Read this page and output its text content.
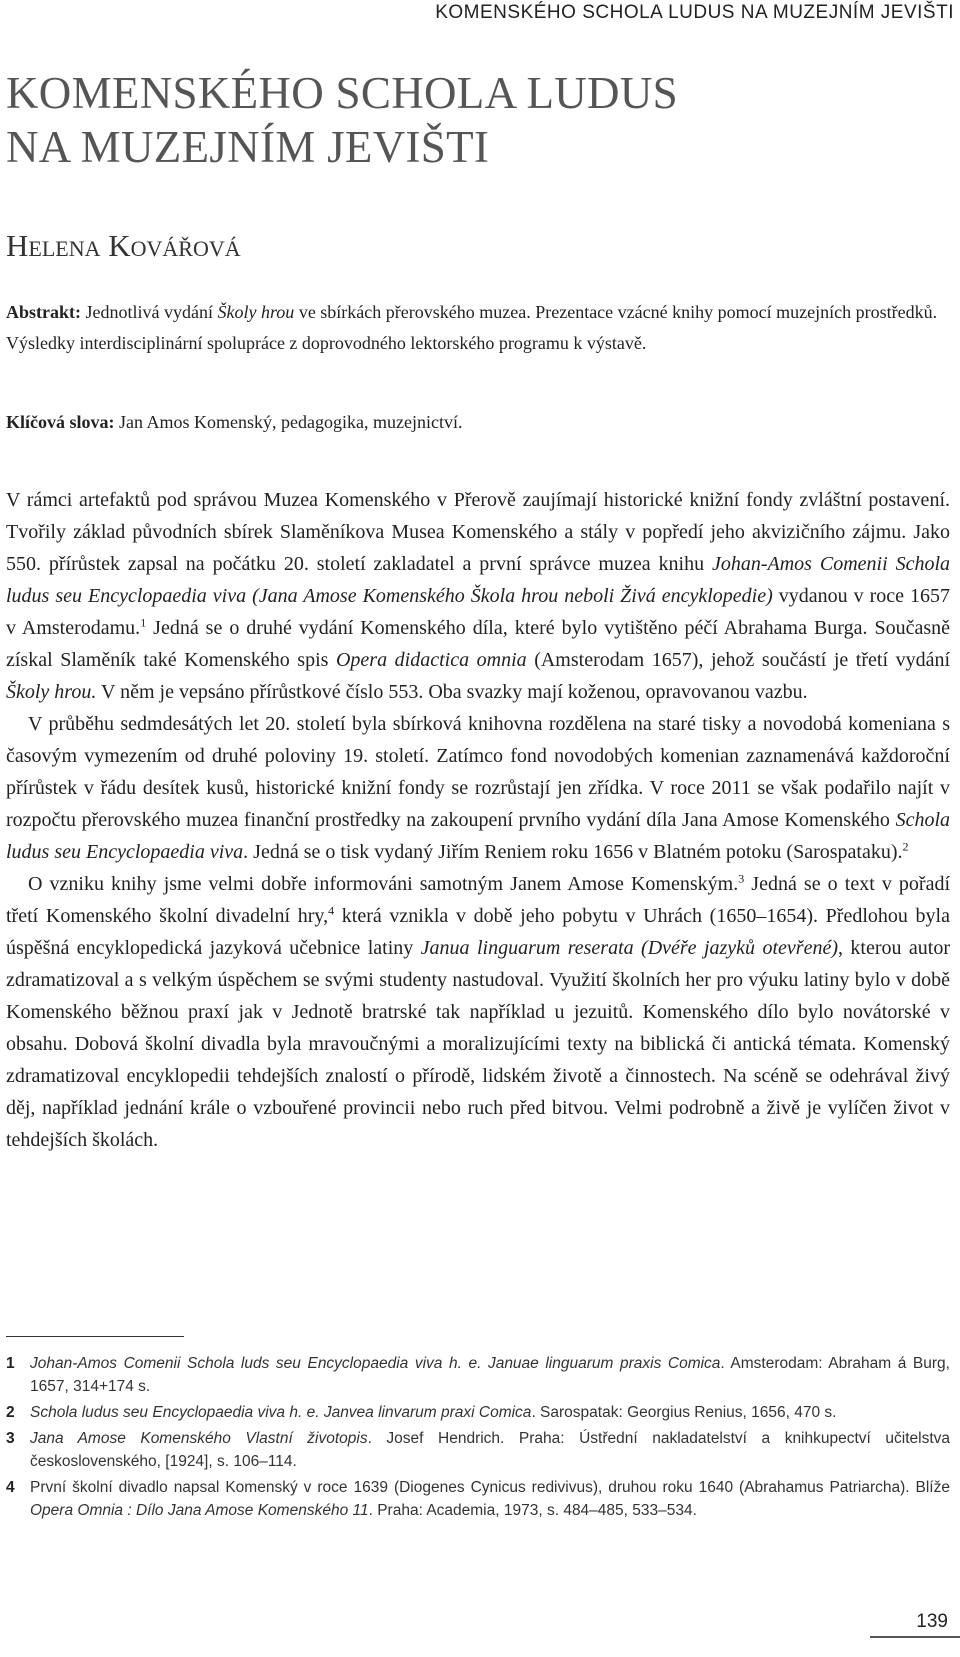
KOMENSKÉHO SCHOLA LUDUS NA MUZEJNÍM JEVIŠTI
KOMENSKÉHO SCHOLA LUDUS
NA MUZEJNÍM JEVIŠTI
Helena Kovářová

Abstrakt: Jednotlivá vydání Školy hrou ve sbírkách přerovského muzea. Prezentace vzácné knihy pomocí muzejních prostředků. Výsledky interdisciplinární spolupráce z doprovodného lektorského programu k výstavě.

Klíčová slova: Jan Amos Komenský, pedagogika, muzejnictví.

V rámci artefaktů pod správou Muzea Komenského v Přerově zaujímají historické knižní fondy zvláštní postavení. Tvořily základ původních sbírek Slaměníkova Musea Komenského a stály v popředí jeho akvizičního zájmu. Jako 550. přírůstek zapsal na počátku 20. století zakladatel a první správce muzea knihu Johan-Amos Comenii Schola ludus seu Encyclopaedia viva (Jana Amose Komenského Škola hrou neboli Živá encyklopedie) vydanou v roce 1657 v Amsterodamu.$^1$ Jedná se o druhé vydání Komenského díla, které bylo vytištěno péčí Abrahama Burga. Současně získal Slaměník také Komenského spis Opera didactica omnia (Amsterodam 1657), jehož součástí je třetí vydání Školy hrou. V něm je vepsáno přírůstkové číslo 553. Oba svazky mají koženou, opravovanou vazbu.

V průběhu sedmdesátých let 20. století byla sbírková knihovna rozdělena na staré tisky a novodobá komeniana s časovým vymezením od druhé poloviny 19. století. Zatímco fond novodobých komenian zaznamenává každoroční přírůstek v řádu desítek kusů, historické knižní fondy se rozrůstají jen zřídka. V roce 2011 se však podařilo najít v rozpočtu přerovského muzea finanční prostředky na zakoupení prvního vydání díla Jana Amose Komenského Schola ludus seu Encyclopaedia viva. Jedná se o tisk vydaný Jiřím Reniem roku 1656 v Blatném potoku (Sarospataku).$^2$

O vzniku knihy jsme velmi dobře informováni samotným Janem Amose Komenským.$^3$ Jedná se o text v pořadí třetí Komenského školní divadelní hry,$^4$ která vznikla v době jeho pobytu v Uhrách (1650–1654). Předlohou byla úspěšná encyklopedická jazyková učebnice latiny Janua linguarum reserata (Dvéře jazyků otevřené), kterou autor zdramatizoval a s velkým úspěchem se svými studenty nastudoval. Využití školních her pro výuku latiny bylo v době Komenského běžnou praxí jak v Jednotě bratrské tak například u jezuitů. Komenského dílo bylo novátorské v obsahu. Dobová školní divadla byla mravoučnými a moralizujícími texty na biblická či antická témata. Komenský zdramatizoval encyklopedii tehdejších znalostí o přírodě, lidském životě a činnostech. Na scéně se odehrával živý děj, například jednání krále o vzbouřené provincii nebo ruch před bitvou. Velmi podrobně a živě je vylíčen život v tehdejších školách.

1 Johan-Amos Comenii Schola luds seu Encyclopaedia viva h. e. Januae linguarum praxis Comica. Amsterodam: Abraham á Burg, 1657, 314+174 s.
2 Schola ludus seu Encyclopaedia viva h. e. Janvea linvarum praxi Comica. Sarospatak: Georgius Renius, 1656, 470 s.
3 Jana Amose Komenského Vlastní životopis. Josef Hendrich. Praha: Ústřední nakladatelství a knihkupectví učitelstva československého, [1924], s. 106–114.
4 První školní divadlo napsal Komenský v roce 1639 (Diogenes Cynicus redivivus), druhou roku 1640 (Abrahamus Patriarcha). Blíže Opera Omnia : Dílo Jana Amose Komenského 11. Praha: Academia, 1973, s. 484–485, 533–534.
139
